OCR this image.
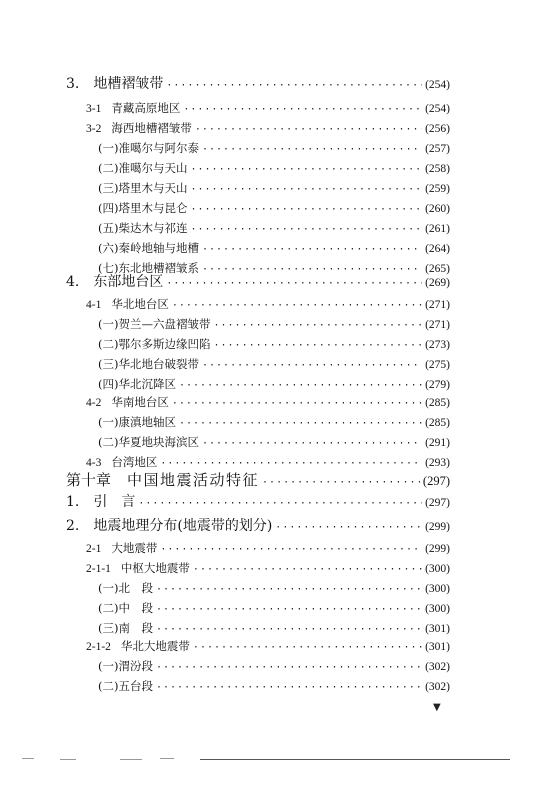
3. 地槽褶皱带 ·····	(254)
3-1 青藏高原地区 ·····	(254)
3-2 海西地槽褶皱带 ·····	(256)
(一)准噶尔与阿尔泰 ·····	(257)
(二)准噶尔与天山 ·····	(258)
(三)塔里木与天山 ·····	(259)
(四)塔里木与昆仑 ·····	(260)
(五)柴达木与祁连 ·····	(261)
(六)秦岭地轴与地槽 ·····	(264)
(七)东北地槽褶皱系 ·····	(265)
4. 东部地台区 ·····	(269)
4-1 华北地台区 ·····	(271)
(一)贺兰—六盘褶皱带 ·····	(271)
(二)鄂尔多斯边缘凹陷 ·····	(273)
(三)华北地台破裂带 ·····	(275)
(四)华北沉降区 ·····	(279)
4-2 华南地台区 ·····	(285)
(一)康滇地轴区 ·····	(285)
(二)华夏地块海滨区 ·····	(291)
4-3 台湾地区 ·····	(293)
第十章 中国地震活动特征 ·····	(297)
1. 引　言 ·····	(297)
2. 地震地理分布(地震带的划分) ·····	(299)
2-1 大地震带 ·····	(299)
2-1-1 中枢大地震带 ·····	(300)
(一)北　段 ·····	(300)
(二)中　段 ·····	(300)
(三)南　段 ·····	(301)
2-1-2 华北大地震带 ·····	(301)
(一)渭汾段 ·····	(302)
(二)五台段 ·····	(302)
▼
